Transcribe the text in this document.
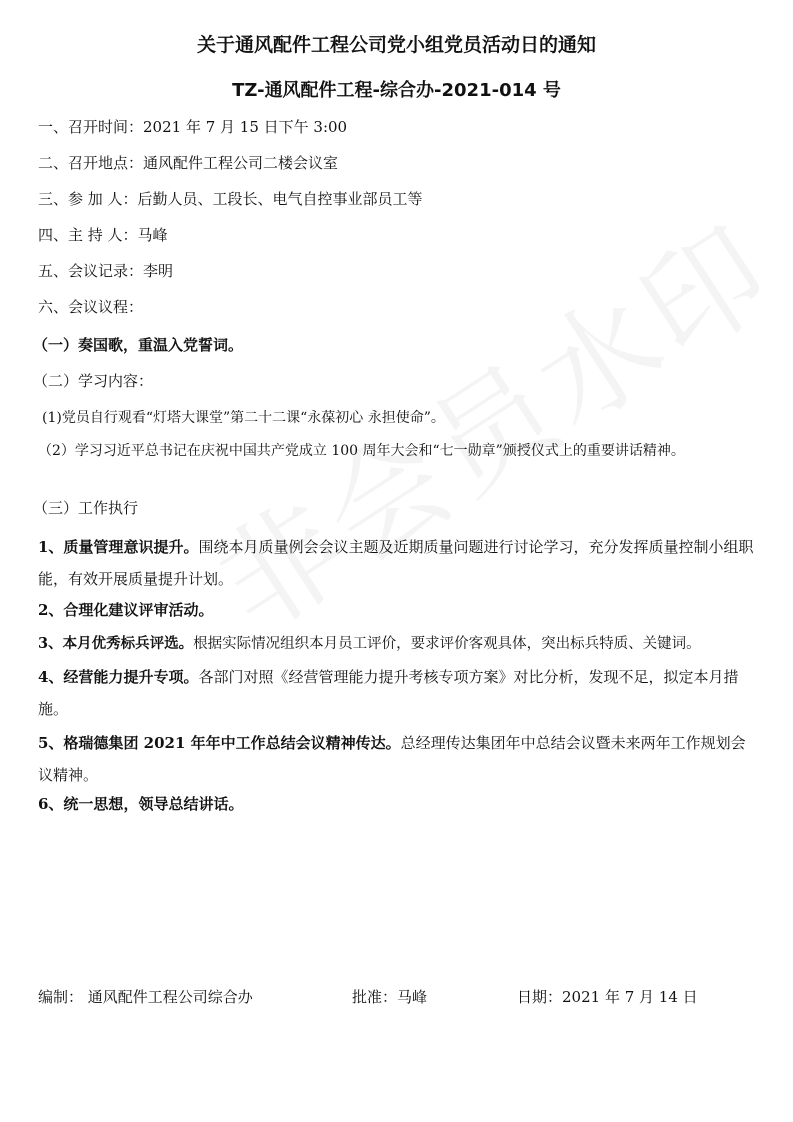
关于通风配件工程公司党小组党员活动日的通知
TZ-通风配件工程-综合办-2021-014 号
一、召开时间：2021 年 7 月 15 日下午 3:00
二、召开地点：通风配件工程公司二楼会议室
三、参 加 人：后勤人员、工段长、电气自控事业部员工等
四、主 持 人：马峰
五、会议记录：李明
六、会议议程：
（一）奏国歌，重温入党誓词。
（二）学习内容：
(1)党员自行观看“灯塔大课堂”第二十二课“永葆初心 永担使命”。
（2）学习习近平总书记在庆祝中国共产党成立 100 周年大会和“七一勋章”颁授仪式上的重要讲话精神。
（三）工作执行
1、质量管理意识提升。围绕本月质量例会会议主题及近期质量问题进行讨论学习，充分发挥质量控制小组职能，有效开展质量提升计划。
2、合理化建议评审活动。
3、本月优秀标兵评选。根据实际情况组织本月员工评价，要求评价客观具体，突出标兵特质、关键词。
4、经营能力提升专项。各部门对照《经营管理能力提升考核专项方案》对比分析，发现不足，拟定本月措施。
5、格瑞德集团 2021 年年中工作总结会议精神传达。总经理传达集团年中总结会议暨未来两年工作规划会议精神。
6、统一思想，领导总结讲话。
编制： 通风配件工程公司综合办	批准：马峰	日期：2021 年 7 月 14 日
